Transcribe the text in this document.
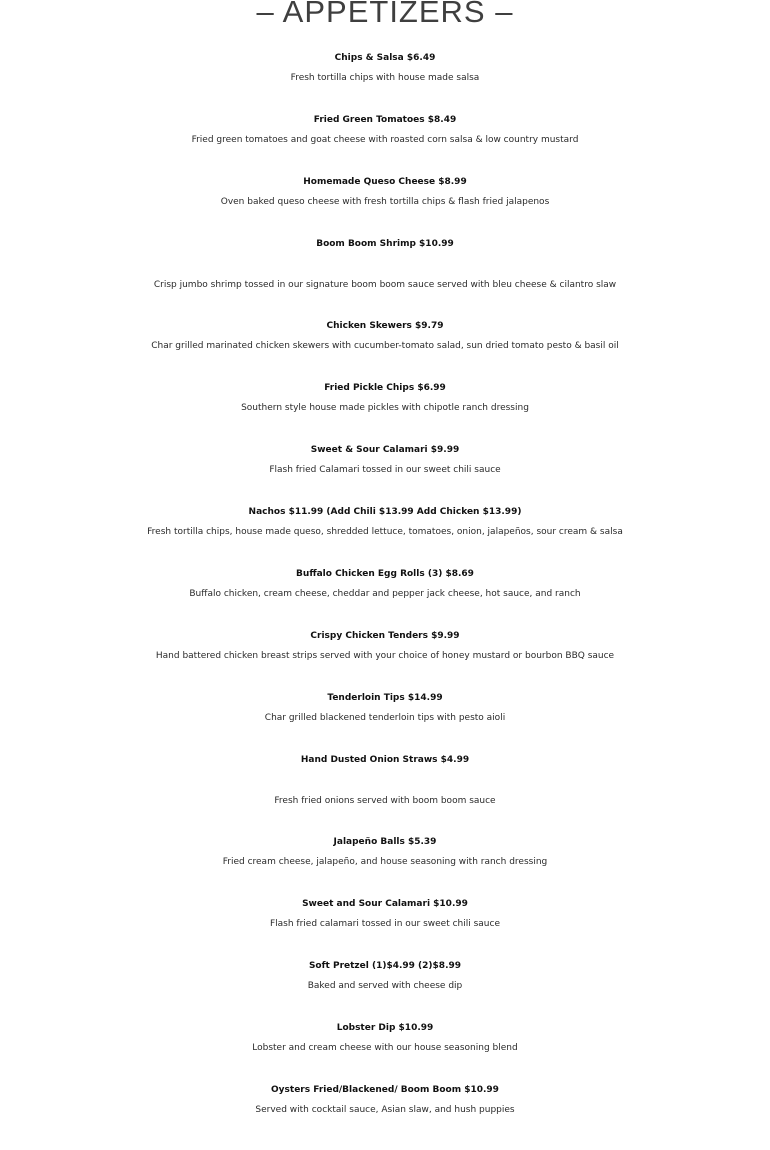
– APPETIZERS –
Chips & Salsa $6.49
Fresh tortilla chips with house made salsa
Fried Green Tomatoes $8.49
Fried green tomatoes and goat cheese with roasted corn salsa & low country mustard
Homemade Queso Cheese $8.99
Oven baked queso cheese with fresh tortilla chips & flash fried jalapenos
Boom Boom Shrimp $10.99
Crisp jumbo shrimp tossed in our signature boom boom sauce served with bleu cheese & cilantro slaw
Chicken Skewers $9.79
Char grilled marinated chicken skewers with cucumber-tomato salad, sun dried tomato pesto & basil oil
Fried Pickle Chips $6.99
Southern style house made pickles with chipotle ranch dressing
Sweet & Sour Calamari $9.99
Flash fried Calamari tossed in our sweet chili sauce
Nachos $11.99 (Add Chili $13.99 Add Chicken $13.99)
Fresh tortilla chips, house made queso, shredded lettuce, tomatoes, onion, jalapeños, sour cream & salsa
Buffalo Chicken Egg Rolls (3) $8.69
Buffalo chicken, cream cheese, cheddar and pepper jack cheese, hot sauce, and ranch
Crispy Chicken Tenders $9.99
Hand battered chicken breast strips served with your choice of honey mustard or bourbon BBQ sauce
Tenderloin Tips $14.99
Char grilled blackened tenderloin tips with pesto aioli
Hand Dusted Onion Straws $4.99
Fresh fried onions served with boom boom sauce
Jalapeño Balls $5.39
Fried cream cheese, jalapeño, and house seasoning with ranch dressing
Sweet and Sour Calamari $10.99
Flash fried calamari tossed in our sweet chili sauce
Soft Pretzel (1)$4.99 (2)$8.99
Baked and served with cheese dip
Lobster Dip $10.99
Lobster and cream cheese with our house seasoning blend
Oysters Fried/Blackened/ Boom Boom $10.99
Served with cocktail sauce, Asian slaw, and hush puppies
